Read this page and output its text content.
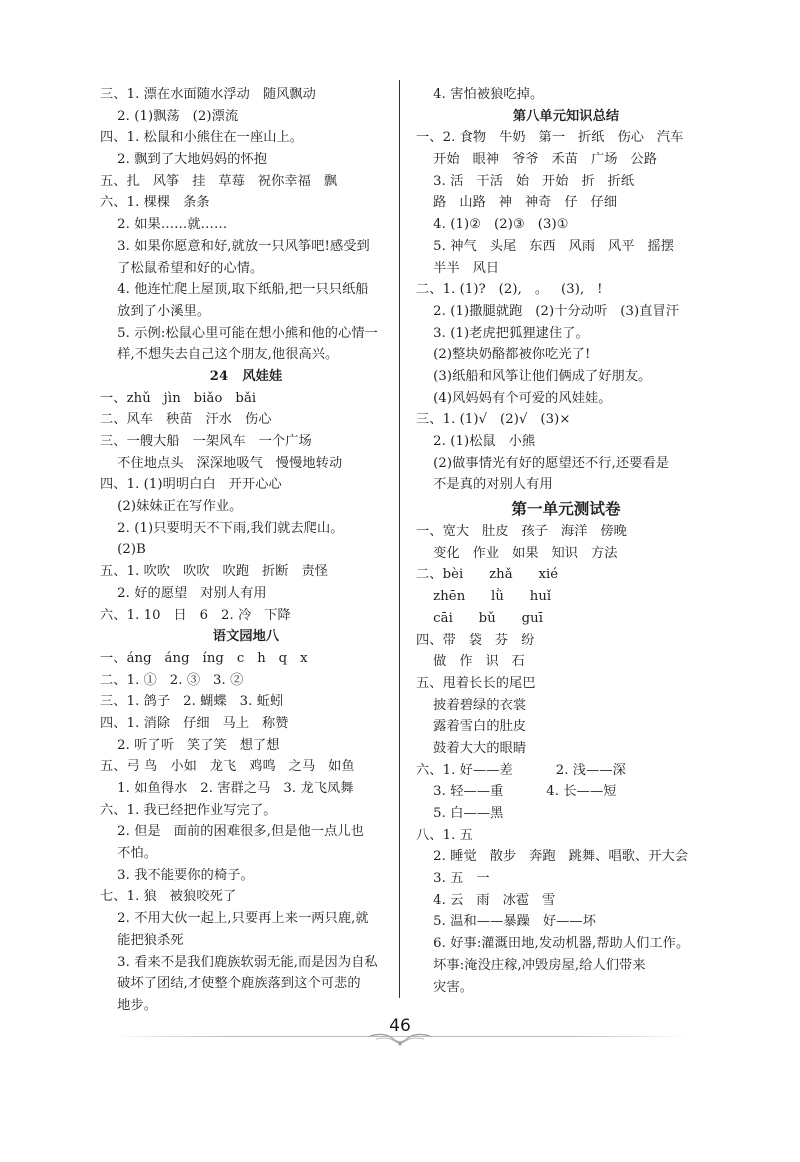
三、1. 漂在水面随水浮动   随风飘动
2. (1)飘荡   (2)漂流
四、1. 松鼠和小熊住在一座山上。
2. 飘到了大地妈妈的怀抱
五、扎   风筝   挂   草莓   祝你幸福   飘
六、1. 棵棵   条条
2. 如果……就……
3. 如果你愿意和好,就放一只风筝吧!感受到
了松鼠希望和好的心情。
4. 他连忙爬上屋顶,取下纸船,把一只只纸船
放到了小溪里。
5. 示例:松鼠心里可能在想小熊和他的心情一
样,不想失去自己这个朋友,他很高兴。
24   风娃娃
一、zhǔ   jìn   biǎo   bǎi
二、风车   秧苗   汗水   伤心
三、一艘大船   一架风车   一个广场
不住地点头   深深地吸气   慢慢地转动
四、1. (1)明明白白   开开心心
(2)妹妹正在写作业。
2. (1)只要明天不下雨,我们就去爬山。
(2)B
五、1. 吹吹   吹吹   吹跑   折断   责怪
2. 好的愿望   对别人有用
六、1. 10   日   6   2. 冷   下降
语文园地八
一、áng   áng   íng   c   h   q   x
二、1. ①   2. ③   3. ②
三、1. 鸽子   2. 蝴蝶   3. 蚯蚓
四、1. 消除   仔细   马上   称赞
2. 听了听   笑了笑   想了想
五、弓 鸟   小如   龙飞   鸡鸣   之马   如鱼
1. 如鱼得水   2. 害群之马   3. 龙飞凤舞
六、1. 我已经把作业写完了。
2. 但是   面前的困难很多,但是他一点儿也
不怕。
3. 我不能要你的椅子。
七、1. 狼   被狼咬死了
2. 不用大伙一起上,只要再上来一两只鹿,就
能把狼杀死
3. 看来不是我们鹿族软弱无能,而是因为自私
破坏了团结,才使整个鹿族落到这个可悲的
地步。
4. 害怕被狼吃掉。
第八单元知识总结
一、2. 食物   牛奶   第一   折纸   伤心   汽车
开始   眼神   爷爷   禾苗   广场   公路
3. 活   干活   始   开始   折   折纸
路   山路   神   神奇   仔   仔细
4. (1)②   (2)③   (3)①
5. 神气   头尾   东西   风雨   风平   摇摆
半半   风日
二、1. (1)?   (2),   。   (3),   !
2. (1)撒腿就跑   (2)十分动听   (3)直冒汗
3. (1)老虎把狐狸逮住了。
(2)整块奶酪都被你吃光了!
(3)纸船和风筝让他们俩成了好朋友。
(4)风妈妈有个可爱的风娃娃。
三、1. (1)√   (2)√   (3)×
2. (1)松鼠   小熊
(2)做事情光有好的愿望还不行,还要看是
不是真的对别人有用
第一单元测试卷
一、宽大   肚皮   孩子   海洋   傍晚
变化   作业   如果   知识   方法
二、bèi      zhǎ      xié
zhēn      lǜ      huǐ
cāi      bǔ      guī
四、带   袋   芬   纷
做   作   识   石
五、甩着长长的尾巴
披着碧绿的衣裳
露着雪白的肚皮
鼓着大大的眼睛
六、1. 好——差          2. 浅——深
3. 轻——重          4. 长——短
5. 白——黑
八、1. 五
2. 睡觉   散步   奔跑   跳舞、唱歌、开大会
3. 五   一
4. 云   雨   冰雹   雪
5. 温和——暴躁   好——坏
6. 好事:灌溉田地,发动机器,帮助人们工作。
坏事:淹没庄稼,冲毁房屋,给人们带来
灾害。
46
